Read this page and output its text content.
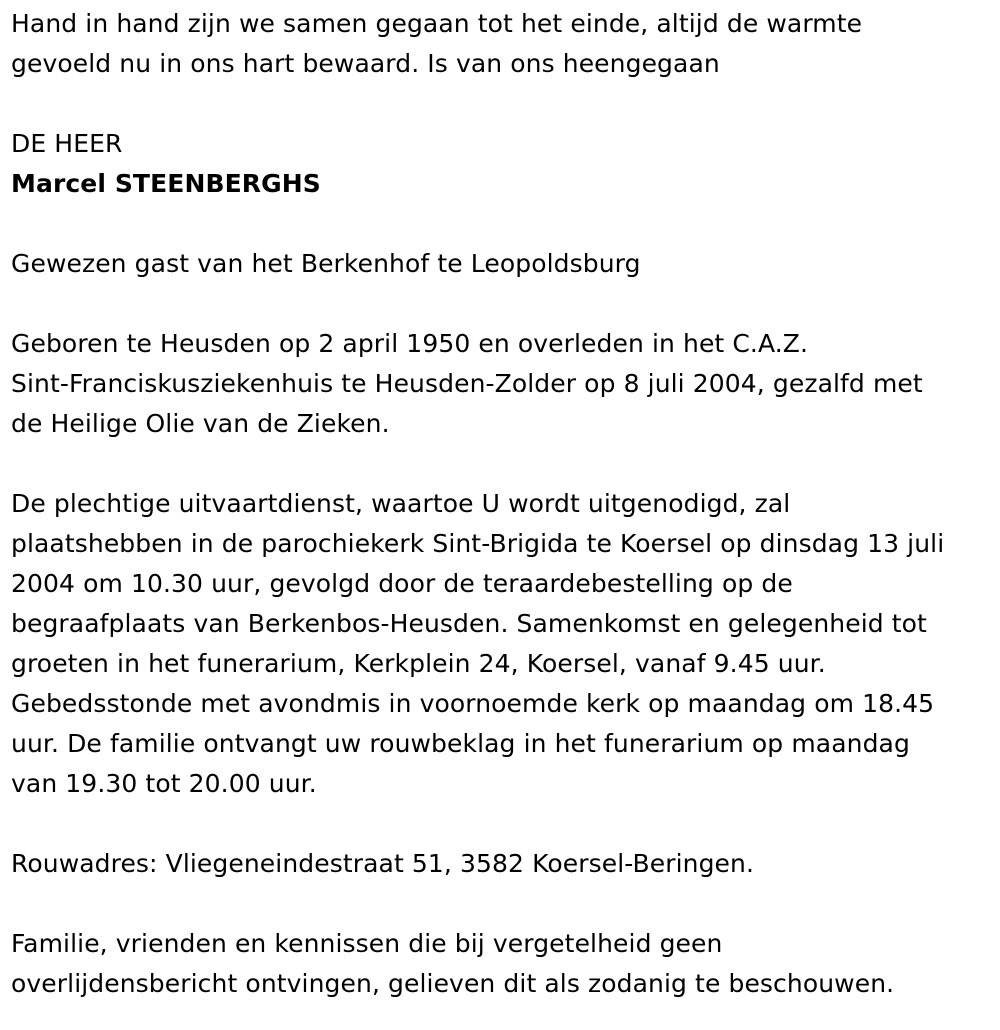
Hand in hand zijn we samen gegaan tot het einde, altijd de warmte
gevoeld nu in ons hart bewaard. Is van ons heengegaan

DE HEER

Marcel STEENBERGHS

Gewezen gast van het Berkenhof te Leopoldsburg

Geboren te Heusden op 2 april 1950 en overleden in het C.A.Z.
Sint-Franciskusziekenhuis te Heusden-Zolder op 8 juli 2004, gezalfd met
de Heilige Olie van de Zieken.

De plechtige uitvaartdienst, waartoe U wordt uitgenodigd, zal
plaatshebben in de parochiekerk Sint-Brigida te Koersel op dinsdag 13 juli
2004 om 10.30 uur, gevolgd door de teraardebestelling op de
begraafplaats van Berkenbos-Heusden. Samenkomst en gelegenheid tot
groeten in het funerarium, Kerkplein 24, Koersel, vanaf 9.45 uur.
Gebedsstonde met avondmis in voornoemde kerk op maandag om 18.45
uur. De familie ontvangt uw rouwbeklag in het funerarium op maandag
van 19.30 tot 20.00 uur.

Rouwadres: Vliegeneindestraat 51, 3582 Koersel-Beringen.

Familie, vrienden en kennissen die bij vergetelheid geen
overlijdensbericht ontvingen, gelieven dit als zodanig te beschouwen.
